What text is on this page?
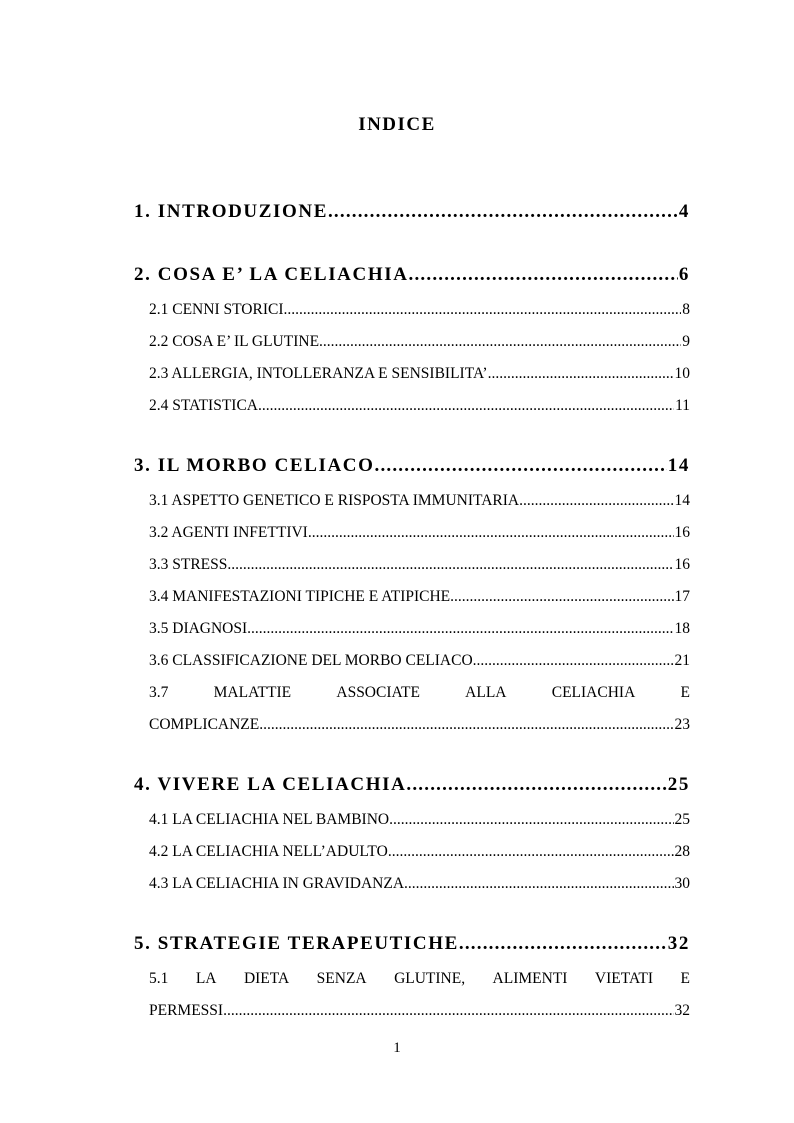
INDICE
1. INTRODUZIONE .....	4
2. COSA E’ LA CELIACHIA .....	6
2.1 CENNI STORICI .....	8
2.2 COSA E’ IL GLUTINE .....	9
2.3 ALLERGIA, INTOLLERANZA E SENSIBILITA’ .....	10
2.4 STATISTICA .....	11
3. IL MORBO CELIACO .....	14
3.1 ASPETTO GENETICO E RISPOSTA IMMUNITARIA .....	14
3.2 AGENTI INFETTIVI .....	16
3.3 STRESS .....	16
3.4 MANIFESTAZIONI TIPICHE E ATIPICHE .....	17
3.5 DIAGNOSI .....	18
3.6 CLASSIFICAZIONE DEL MORBO CELIACO .....	21
3.7	MALATTIE	ASSOCIATE	ALLA	CELIACHIA	E
COMPLICANZE .....	23
4. VIVERE LA CELIACHIA .....	25
4.1 LA CELIACHIA NEL BAMBINO .....	25
4.2 LA CELIACHIA NELL’ADULTO .....	28
4.3 LA CELIACHIA IN GRAVIDANZA .....	30
5. STRATEGIE TERAPEUTICHE .....	32
5.1 LA DIETA SENZA GLUTINE, ALIMENTI VIETATI E
PERMESSI .....	32
1
